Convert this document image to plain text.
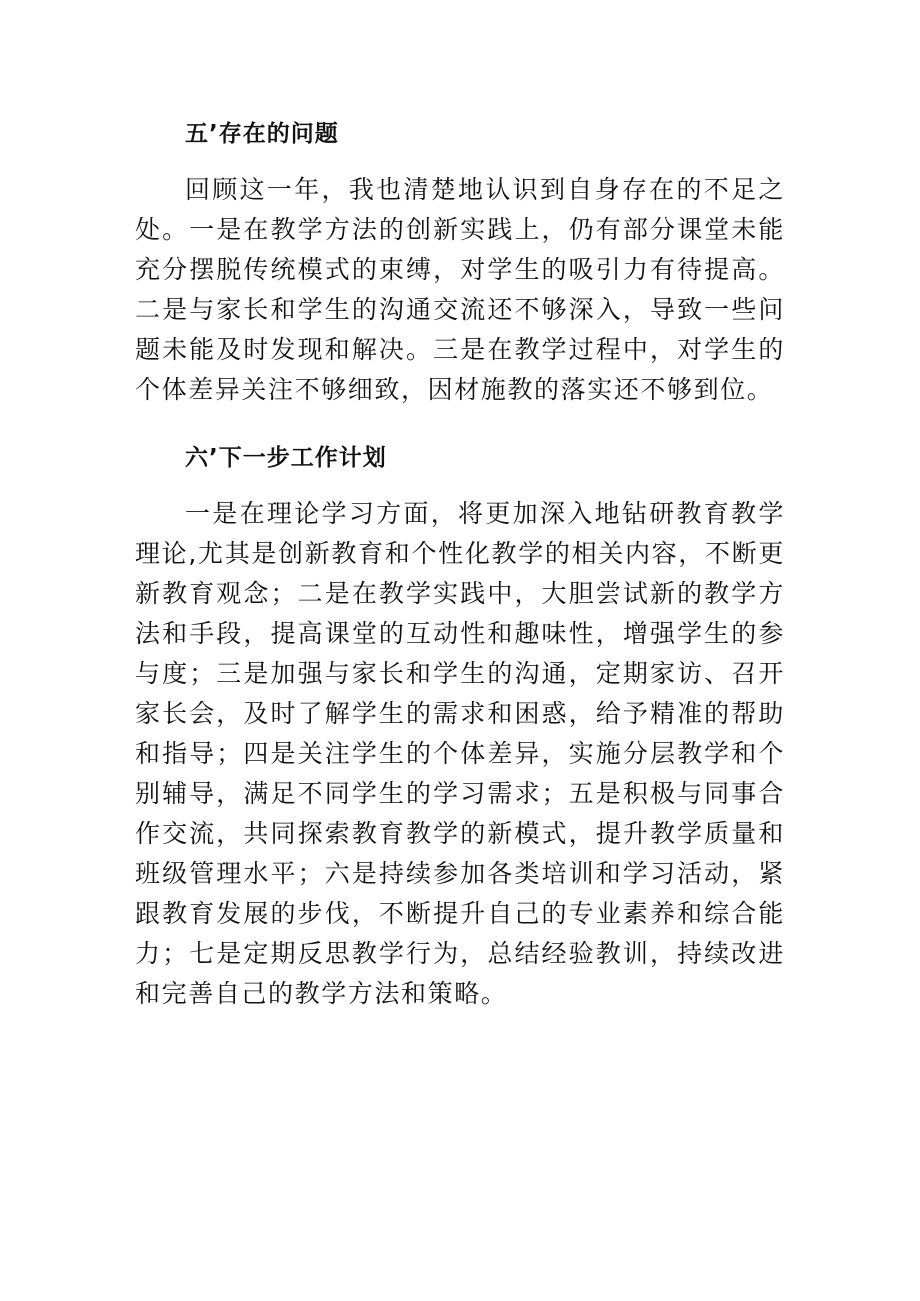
五’存在的问题

回顾这一年，我也清楚地认识到自身存在的不足之处。一是在教学方法的创新实践上，仍有部分课堂未能充分摆脱传统模式的束缚，对学生的吸引力有待提高。二是与家长和学生的沟通交流还不够深入，导致一些问题未能及时发现和解决。三是在教学过程中，对学生的个体差异关注不够细致，因材施教的落实还不够到位。

六’下一步工作计划

一是在理论学习方面，将更加深入地钻研教育教学理论,尤其是创新教育和个性化教学的相关内容，不断更新教育观念；二是在教学实践中，大胆尝试新的教学方法和手段，提高课堂的互动性和趣味性，增强学生的参与度；三是加强与家长和学生的沟通，定期家访、召开家长会，及时了解学生的需求和困惑，给予精准的帮助和指导；四是关注学生的个体差异，实施分层教学和个别辅导，满足不同学生的学习需求；五是积极与同事合作交流，共同探索教育教学的新模式，提升教学质量和班级管理水平；六是持续参加各类培训和学习活动，紧跟教育发展的步伐，不断提升自己的专业素养和综合能力；七是定期反思教学行为，总结经验教训，持续改进和完善自己的教学方法和策略。
